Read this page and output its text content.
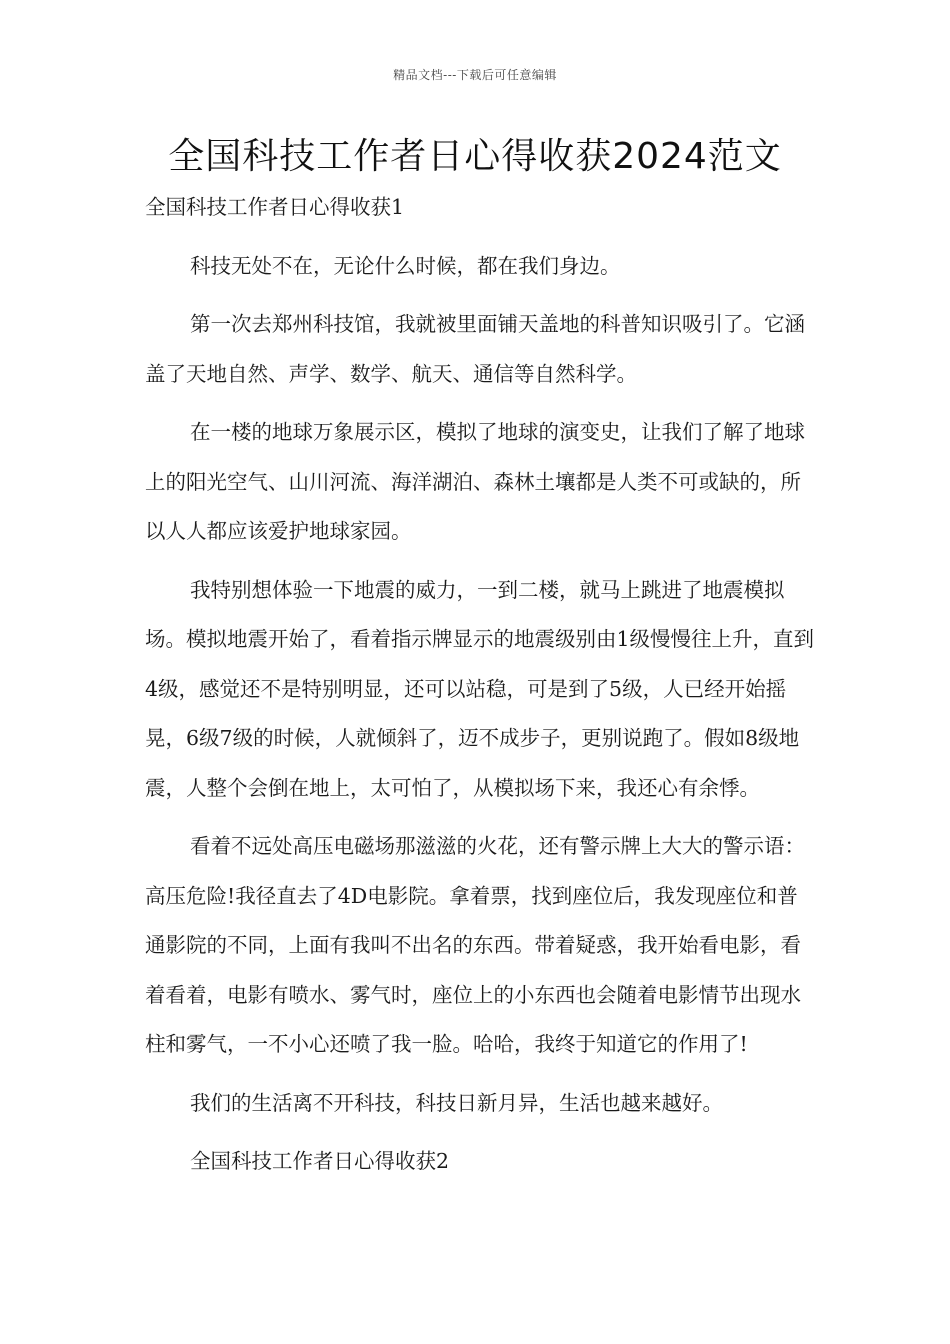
精品文档---下载后可任意编辑
全国科技工作者日心得收获2024范文

全国科技工作者日心得收获1

科技无处不在，无论什么时候，都在我们身边。

第一次去郑州科技馆，我就被里面铺天盖地的科普知识吸引了。它涵盖了天地自然、声学、数学、航天、通信等自然科学。

在一楼的地球万象展示区，模拟了地球的演变史，让我们了解了地球上的阳光空气、山川河流、海洋湖泊、森林土壤都是人类不可或缺的，所以人人都应该爱护地球家园。

我特别想体验一下地震的威力，一到二楼，就马上跳进了地震模拟场。模拟地震开始了，看着指示牌显示的地震级别由1级慢慢往上升，直到4级，感觉还不是特别明显，还可以站稳，可是到了5级，人已经开始摇晃，6级7级的时候，人就倾斜了，迈不成步子，更别说跑了。假如8级地震，人整个会倒在地上，太可怕了，从模拟场下来，我还心有余悸。

看着不远处高压电磁场那滋滋的火花，还有警示牌上大大的警示语：高压危险!我径直去了4D电影院。拿着票，找到座位后，我发现座位和普通影院的不同，上面有我叫不出名的东西。带着疑惑，我开始看电影，看着看着，电影有喷水、雾气时，座位上的小东西也会随着电影情节出现水柱和雾气，一不小心还喷了我一脸。哈哈，我终于知道它的作用了!

我们的生活离不开科技，科技日新月异，生活也越来越好。

全国科技工作者日心得收获2
